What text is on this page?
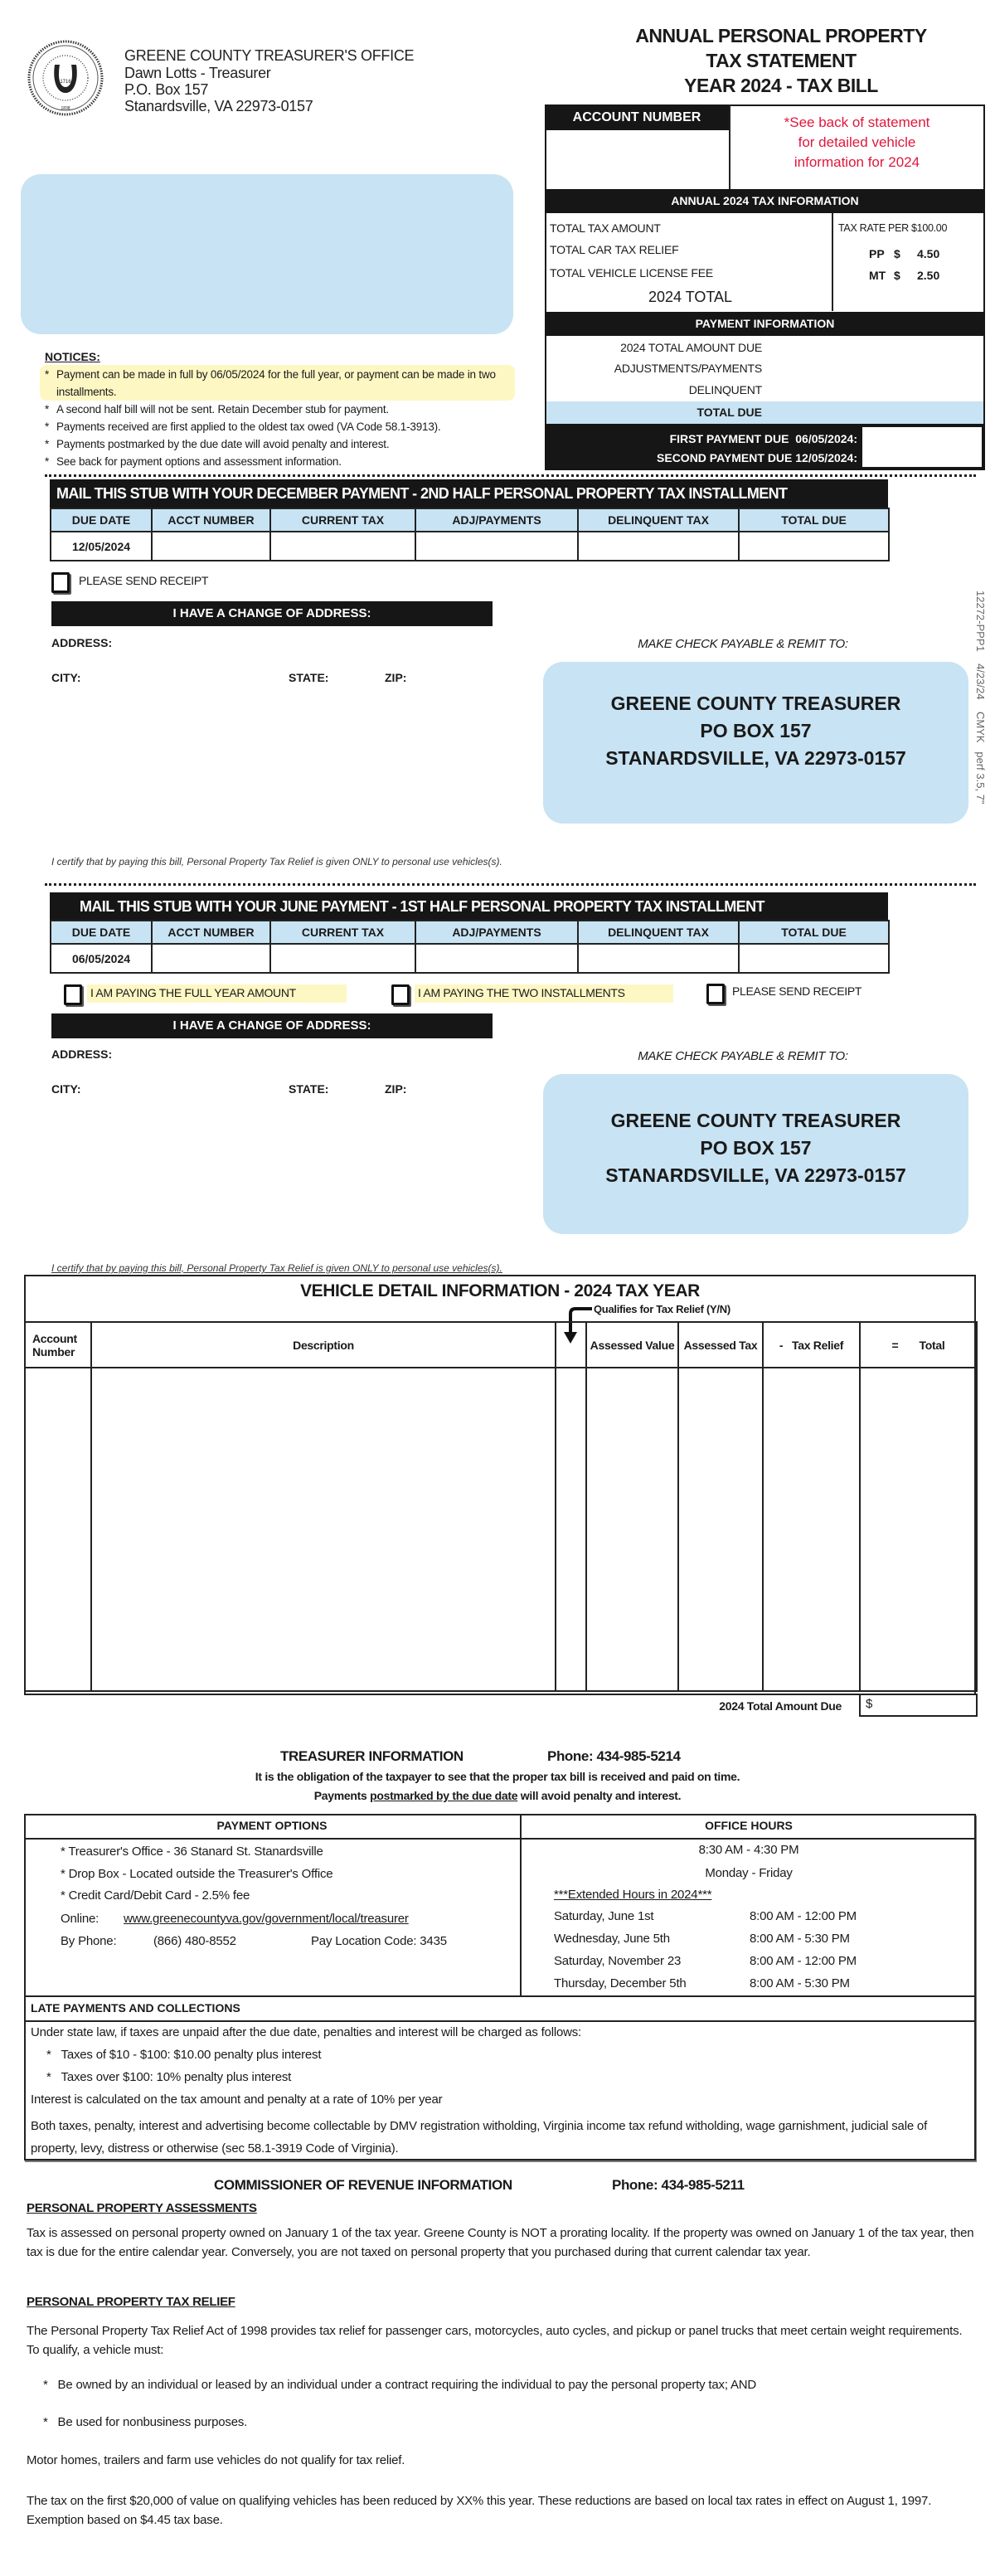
1716
1838
GREENE COUNTY TREASURER'S OFFICE
Dawn Lotts - Treasurer
P.O. Box 157
Stanardsville, VA 22973-0157
ANNUAL PERSONAL PROPERTY
TAX STATEMENT
YEAR 2024 - TAX BILL
ACCOUNT NUMBER	*See back of statement
for detailed vehicle
information for 2024
ANNUAL 2024 TAX INFORMATION
TOTAL TAX AMOUNT
TOTAL CAR TAX RELIEF
TOTAL VEHICLE LICENSE FEE
2024 TOTAL
TAX RATE PER $100.00
PP $ 4.50
MT $ 2.50
PAYMENT INFORMATION
2024 TOTAL AMOUNT DUE
ADJUSTMENTS/PAYMENTS
DELINQUENT
TOTAL DUE
FIRST PAYMENT DUE  06/05/2024:
SECOND PAYMENT DUE 12/05/2024:
NOTICES:
* Payment can be made in full by 06/05/2024 for the full year, or payment can be made in two installments.
* A second half bill will not be sent. Retain December stub for payment.
* Payments received are first applied to the oldest tax owed (VA Code 58.1-3913).
* Payments postmarked by the due date will avoid penalty and interest.
* See back for payment options and assessment information.
MAIL THIS STUB WITH YOUR DECEMBER PAYMENT - 2ND HALF PERSONAL PROPERTY TAX INSTALLMENT
DUE DATE	ACCT NUMBER	CURRENT TAX	ADJ/PAYMENTS	DELINQUENT TAX	TOTAL DUE
12/05/2024					
PLEASE SEND RECEIPT
I HAVE A CHANGE OF ADDRESS:
ADDRESS:
CITY:	STATE:	ZIP:
MAKE CHECK PAYABLE & REMIT TO:
GREENE COUNTY TREASURER
PO BOX 157
STANARDSVILLE, VA 22973-0157	12272-PPP1    4/23/24    CMYK   perf 3.5, 7"
I certify that by paying this bill, Personal Property Tax Relief is given ONLY to personal use vehicles(s).
MAIL THIS STUB WITH YOUR JUNE PAYMENT - 1ST HALF PERSONAL PROPERTY TAX INSTALLMENT
DUE DATE	ACCT NUMBER	CURRENT TAX	ADJ/PAYMENTS	DELINQUENT TAX	TOTAL DUE
06/05/2024					
I AM PAYING THE FULL YEAR AMOUNT	I AM PAYING THE TWO INSTALLMENTS	PLEASE SEND RECEIPT
I HAVE A CHANGE OF ADDRESS:
ADDRESS:
CITY:	STATE:	ZIP:
MAKE CHECK PAYABLE & REMIT TO:
GREENE COUNTY TREASURER
PO BOX 157
STANARDSVILLE, VA 22973-0157
I certify that by paying this bill, Personal Property Tax Relief is given ONLY to personal use vehicles(s).
VEHICLE DETAIL INFORMATION - 2024 TAX YEAR
Qualifies for Tax Relief (Y/N)
Account Number	Description		Assessed Value	Assessed Tax	-   Tax Relief	=       Total

2024 Total Amount Due	$
TREASURER INFORMATION	Phone: 434-985-5214
It is the obligation of the taxpayer to see that the proper tax bill is received and paid on time.
Payments postmarked by the due date will avoid penalty and interest.
PAYMENT OPTIONS
* Treasurer's Office - 36 Stanard St. Stanardsville
* Drop Box - Located outside the Treasurer's Office
* Credit Card/Debit Card - 2.5% fee
Online: www.greenecountyva.gov/government/local/treasurer
By Phone:	(866) 480-8552	Pay Location Code: 3435
OFFICE HOURS
8:30 AM - 4:30 PM
Monday - Friday
***Extended Hours in 2024***
Saturday, June 1st	8:00 AM - 12:00 PM
Wednesday, June 5th	8:00 AM - 5:30 PM
Saturday, November 23	8:00 AM - 12:00 PM
Thursday, December 5th	8:00 AM - 5:30 PM
LATE PAYMENTS AND COLLECTIONS
Under state law, if taxes are unpaid after the due date, penalties and interest will be charged as follows:
*   Taxes of $10 - $100: $10.00 penalty plus interest
*   Taxes over $100: 10% penalty plus interest
Interest is calculated on the tax amount and penalty at a rate of 10% per year
Both taxes, penalty, interest and advertising become collectable by DMV registration witholding, Virginia income tax refund witholding, wage garnishment, judicial sale of property, levy, distress or otherwise (sec 58.1-3919 Code of Virginia).
COMMISSIONER OF REVENUE INFORMATION	Phone: 434-985-5211
PERSONAL PROPERTY ASSESSMENTS
Tax is assessed on personal property owned on January 1 of the tax year. Greene County is NOT a prorating locality. If the property was owned on January 1 of the tax year, then tax is due for the entire calendar year. Conversely, you are not taxed on personal property that you purchased during that current calendar tax year.
PERSONAL PROPERTY TAX RELIEF
The Personal Property Tax Relief Act of 1998 provides tax relief for passenger cars, motorcycles, auto cycles, and pickup or panel trucks that meet certain weight requirements. To qualify, a vehicle must:
*   Be owned by an individual or leased by an individual under a contract requiring the individual to pay the personal property tax; AND
*   Be used for nonbusiness purposes.
Motor homes, trailers and farm use vehicles do not qualify for tax relief.
The tax on the first $20,000 of value on qualifying vehicles has been reduced by XX% this year. These reductions are based on local tax rates in effect on August 1, 1997. Exemption based on $4.45 tax base.
